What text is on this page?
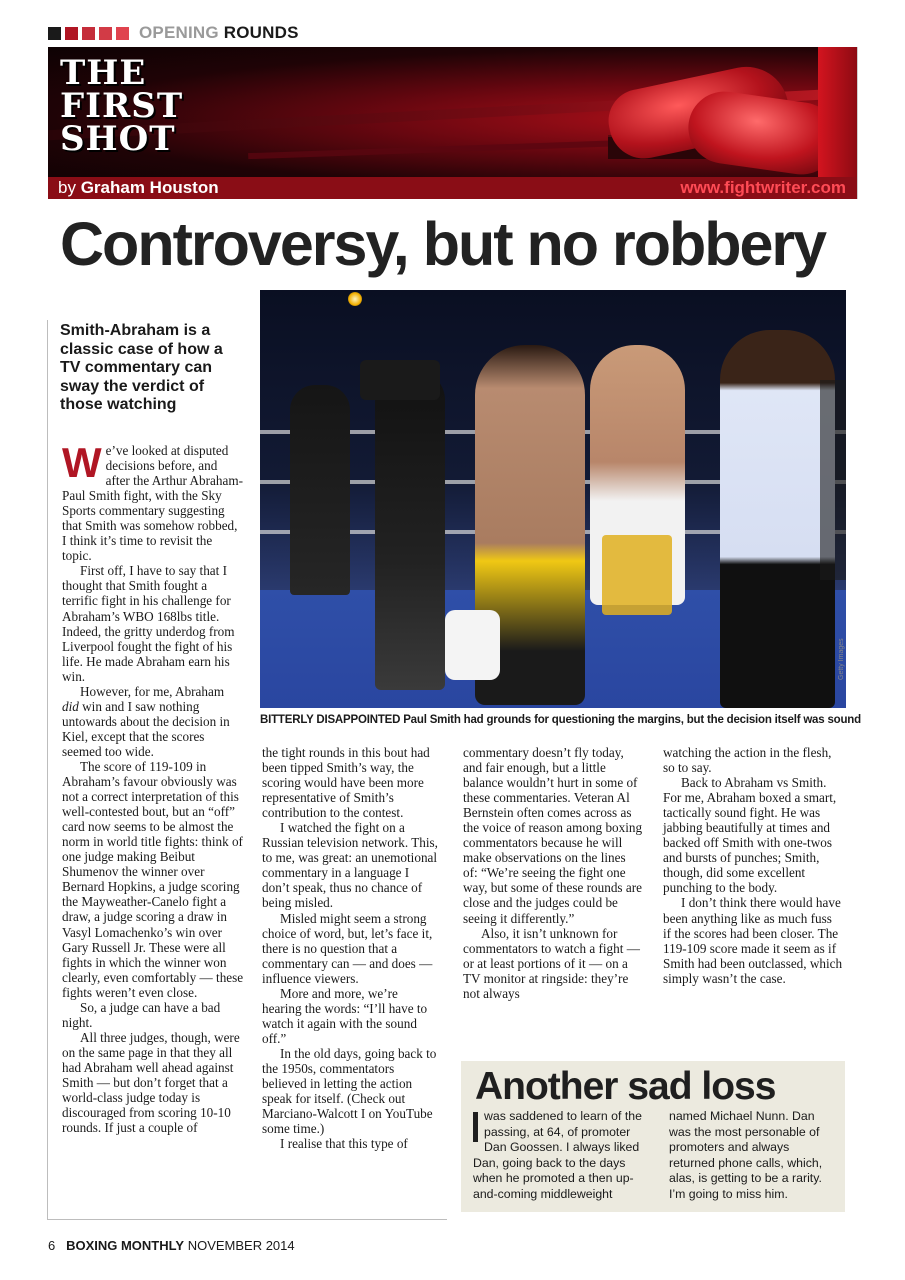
OPENING ROUNDS
THE
FIRST
SHOT
by Graham Houston	www.fightwriter.com
Controversy, but no robbery
Smith-Abraham is a classic case of how a TV commentary can sway the verdict of those watching
Getty Images
BITTERLY DISAPPOINTED Paul Smith had grounds for questioning the margins, but the decision itself was sound

We’ve looked at disputed decisions before, and after the Arthur Abraham-Paul Smith fight, with the Sky Sports commentary suggesting that Smith was somehow robbed, I think it’s time to revisit the topic.

First off, I have to say that I thought that Smith fought a terrific fight in his challenge for Abraham’s WBO 168lbs title. Indeed, the gritty underdog from Liverpool fought the fight of his life. He made Abraham earn his win.

However, for me, Abraham did win and I saw nothing untowards about the decision in Kiel, except that the scores seemed too wide.

The score of 119-109 in Abraham’s favour obviously was not a correct interpretation of this well-contested bout, but an “off” card now seems to be almost the norm in world title fights: think of one judge making Beibut Shumenov the winner over Bernard Hopkins, a judge scoring the Mayweather-Canelo fight a draw, a judge scoring a draw in Vasyl Lomachenko’s win over Gary Russell Jr. These were all fights in which the winner won clearly, even comfortably — these fights weren’t even close.

So, a judge can have a bad night.

All three judges, though, were on the same page in that they all had Abraham well ahead against Smith — but don’t forget that a world-class judge today is discouraged from scoring 10-10 rounds. If just a couple of

the tight rounds in this bout had been tipped Smith’s way, the scoring would have been more representative of Smith’s contribution to the contest.

I watched the fight on a Russian television network. This, to me, was great: an unemotional commentary in a language I don’t speak, thus no chance of being misled.

Misled might seem a strong choice of word, but, let’s face it, there is no question that a commentary can — and does — influence viewers.

More and more, we’re hearing the words: “I’ll have to watch it again with the sound off.”

In the old days, going back to the 1950s, commentators believed in letting the action speak for itself. (Check out Marciano-Walcott I on YouTube some time.)

I realise that this type of

commentary doesn’t fly today, and fair enough, but a little balance wouldn’t hurt in some of these commentaries. Veteran Al Bernstein often comes across as the voice of reason among boxing commentators because he will make observations on the lines of: “We’re seeing the fight one way, but some of these rounds are close and the judges could be seeing it differently.”

Also, it isn’t unknown for commentators to watch a fight — or at least portions of it — on a TV monitor at ringside: they’re not always

watching the action in the flesh, so to say.

Back to Abraham vs Smith. For me, Abraham boxed a smart, tactically sound fight. He was jabbing beautifully at times and backed off Smith with one-twos and bursts of punches; Smith, though, did some excellent punching to the body.

I don’t think there would have been anything like as much fuss if the scores had been closer. The 119-109 score made it seem as if Smith had been outclassed, which simply wasn’t the case.

Another sad loss
was saddened to learn of the passing, at 64, of promoter Dan Goossen. I always liked Dan, going back to the days when he promoted a then up-and-coming middleweight
named Michael Nunn. Dan was the most personable of promoters and always returned phone calls, which, alas, is getting to be a rarity. I’m going to miss him.
6 BOXING MONTHLY NOVEMBER 2014
